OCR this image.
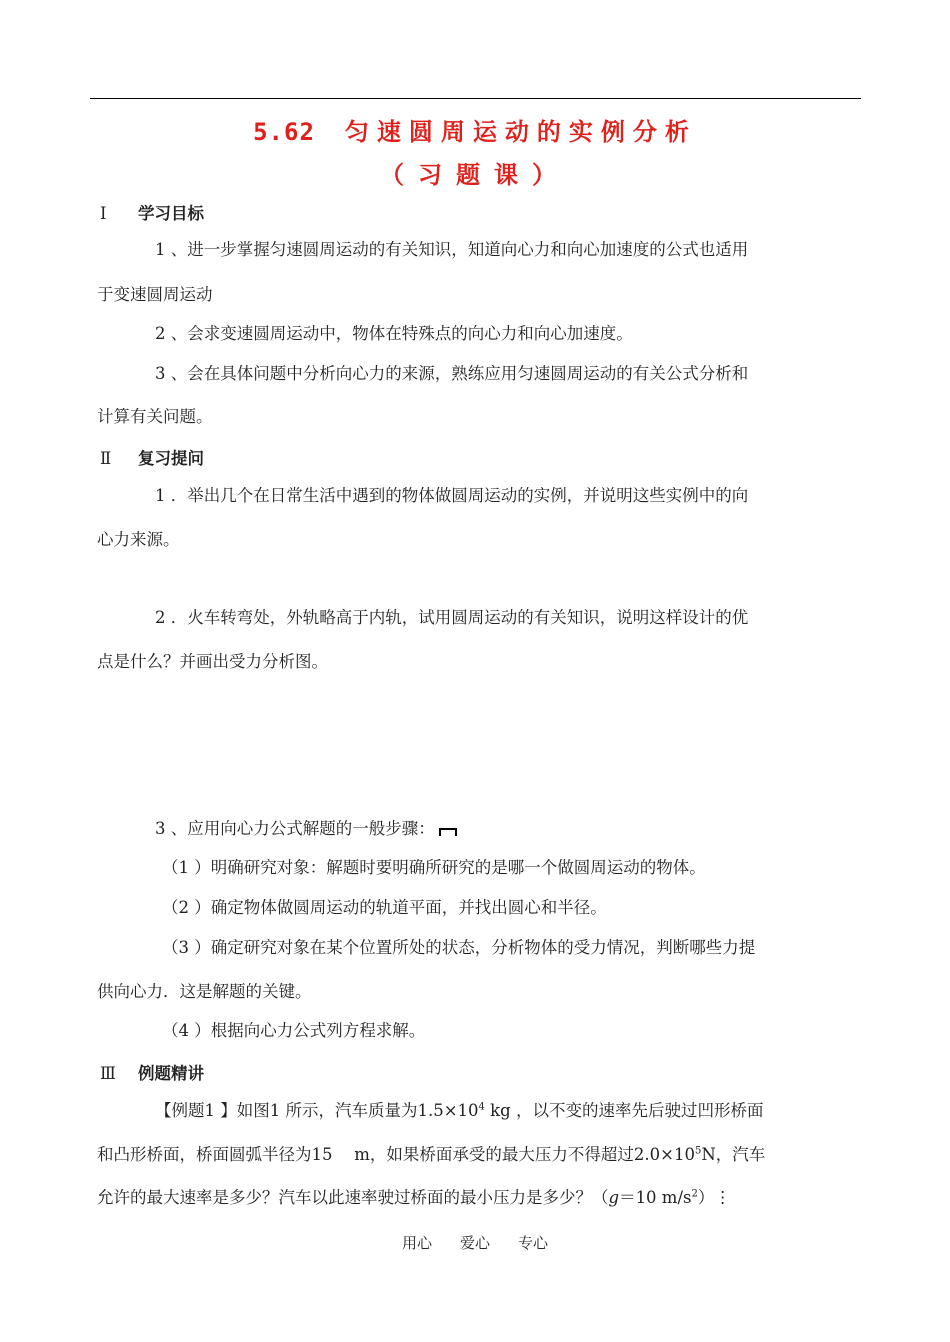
5.62 匀速圆周运动的实例分析
（习题课）
Ⅰ 学习目标
1 、进一步掌握匀速圆周运动的有关知识，知道向心力和向心加速度的公式也适用
于变速圆周运动
2 、会求变速圆周运动中，物体在特殊点的向心力和向心加速度。
3 、会在具体问题中分析向心力的来源，熟练应用匀速圆周运动的有关公式分析和
计算有关问题。
Ⅱ 复习提问
1 ．举出几个在日常生活中遇到的物体做圆周运动的实例，并说明这些实例中的向
心力来源。
2 ．火车转弯处，外轨略高于内轨，试用圆周运动的有关知识，说明这样设计的优
点是什么？并画出受力分析图。
3 、应用向心力公式解题的一般步骤：
（1 ）明确研究对象：解题时要明确所研究的是哪一个做圆周运动的物体。
（2 ）确定物体做圆周运动的轨道平面，并找出圆心和半径。
（3 ）确定研究对象在某个位置所处的状态，分析物体的受力情况，判断哪些力提
供向心力．这是解题的关键。
（4 ）根据向心力公式列方程求解。
Ⅲ 例题精讲
【例题1 】如图1 所示，汽车质量为$1.5\times 10^4$ kg ，以不变的速率先后驶过凹形桥面
和凸形桥面，桥面圆弧半径为15　 m，如果桥面承受的最大压力不得超过$2.0\times 10^5N$，汽车
允许的最大速率是多少？汽车以此速率驶过桥面的最小压力是多少？（g＝10 $m/s^2)⋮$
用心 爱心 专心
